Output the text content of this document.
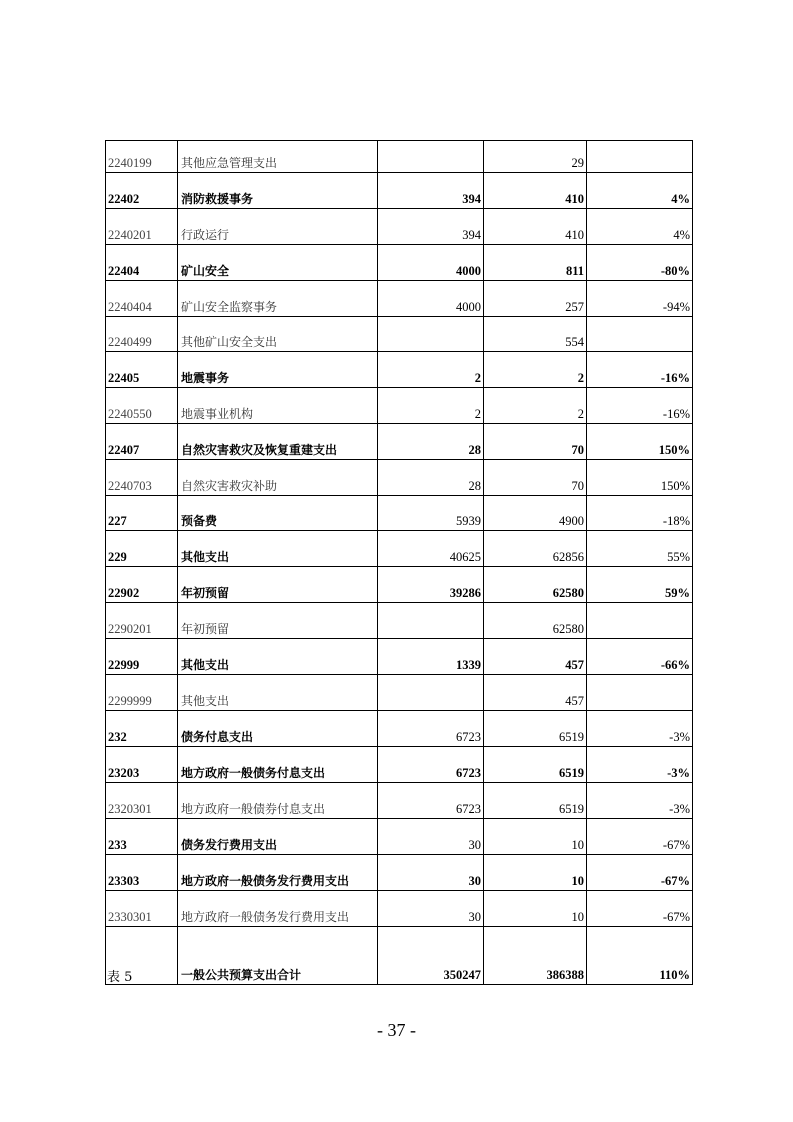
2240199	其他应急管理支出		29	
22402	消防救援事务	394	410	4%
2240201	行政运行	394	410	4%
22404	矿山安全	4000	811	-80%
2240404	矿山安全监察事务	4000	257	-94%
2240499	其他矿山安全支出		554	
22405	地震事务	2	2	-16%
2240550	地震事业机构	2	2	-16%
22407	自然灾害救灾及恢复重建支出	28	70	150%
2240703	自然灾害救灾补助	28	70	150%
227	预备费	5939	4900	-18%
229	其他支出	40625	62856	55%
22902	年初预留	39286	62580	59%
2290201	年初预留		62580	
22999	其他支出	1339	457	-66%
2299999	其他支出		457	
232	债务付息支出	6723	6519	-3%
23203	地方政府一般债务付息支出	6723	6519	-3%
2320301	地方政府一般债券付息支出	6723	6519	-3%
233	债务发行费用支出	30	10	-67%
23303	地方政府一般债务发行费用支出	30	10	-67%
2330301	地方政府一般债务发行费用支出	30	10	-67%
	一般公共预算支出合计	350247	386388	110%
表 5
- 37 -
